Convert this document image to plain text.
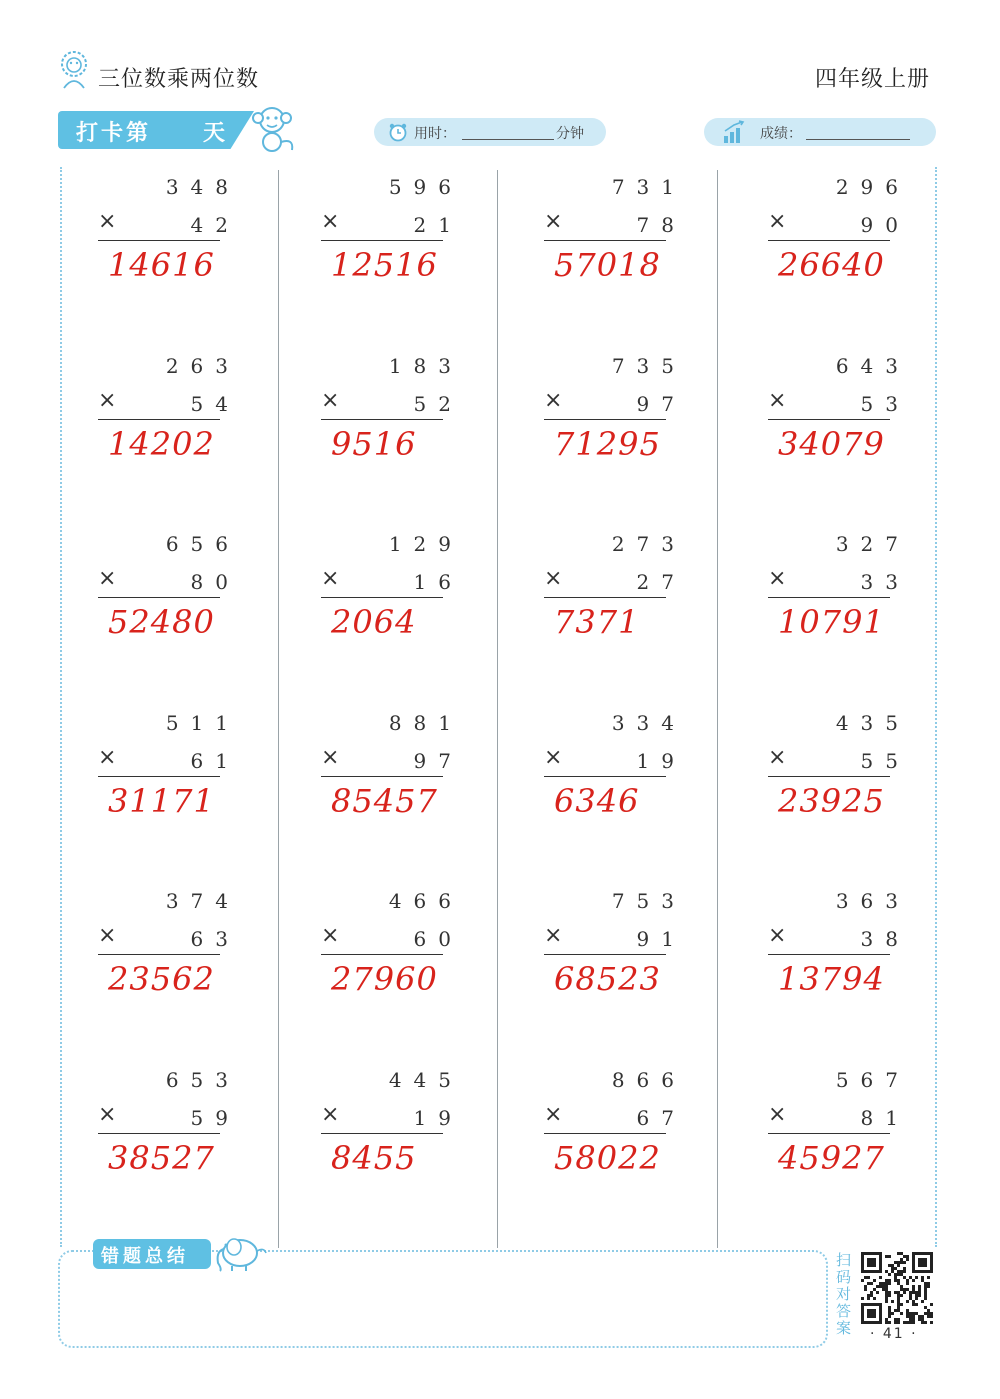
三位数乘两位数	四年级上册
打卡第 天	用时：	分钟	成绩：
348
×	42
14616
263
×	54
14202
656
×	80
52480
511
×	61
31171
374
×	63
23562
653
×	59
38527
596
×	21
12516
183
×	52
9516
129
×	16
2064
881
×	97
85457
466
×	60
27960
445
×	19
8455
731
×	78
57018
735
×	97
71295
273
×	27
7371
334
×	19
6346
753
×	91
68523
866
×	67
58022
296
×	90
26640
643
×	53
34079
327
×	33
10791
435
×	55
23925
363
×	38
13794
567
×	81
45927
错题总结	扫码对答案	· 41 ·
